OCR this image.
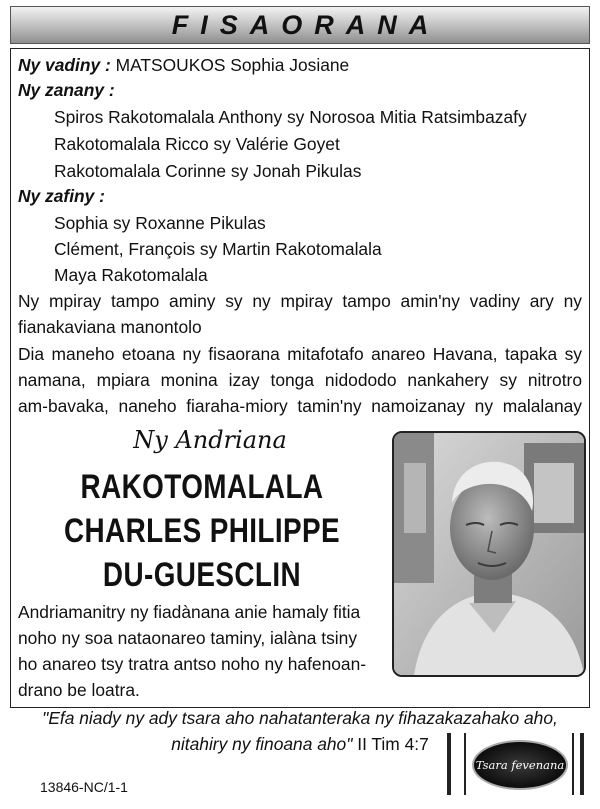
FISAORANA
Ny vadiny : MATSOUKOS Sophia Josiane
Ny zanany :
Spiros Rakotomalala Anthony sy Norosoa Mitia Ratsimbazafy
Rakotomalala Ricco sy Valérie Goyet
Rakotomalala Corinne sy Jonah Pikulas
Ny zafiny :
Sophia sy Roxanne Pikulas
Clément, François sy Martin Rakotomalala
Maya Rakotomalala
Ny mpiray tampo aminy sy ny mpiray tampo amin'ny vadiny ary ny
fianakaviana manontolo
Dia maneho etoana ny fisaorana mitafotafo anareo Havana, tapaka sy
namana, mpiara monina izay tonga nidododo nankahery sy nitrotro
am-bavaka, naneho fiaraha-miory tamin'ny namoizanay ny malalanay
Ny Andriana
RAKOTOMALALA
CHARLES PHILIPPE
DU-GUESCLIN
Andriamanitry ny fiadànana anie hamaly fitia
noho ny soa nataonareo taminy, ialàna tsiny
ho anareo tsy tratra antso noho ny hafenoan-
drano be loatra.
"Efa niady ny ady tsara aho nahatanteraka ny fihazakazahako aho,
nitahiry ny finoana aho" II Tim 4:7
Tsara fevenana
13846-NC/1-1
